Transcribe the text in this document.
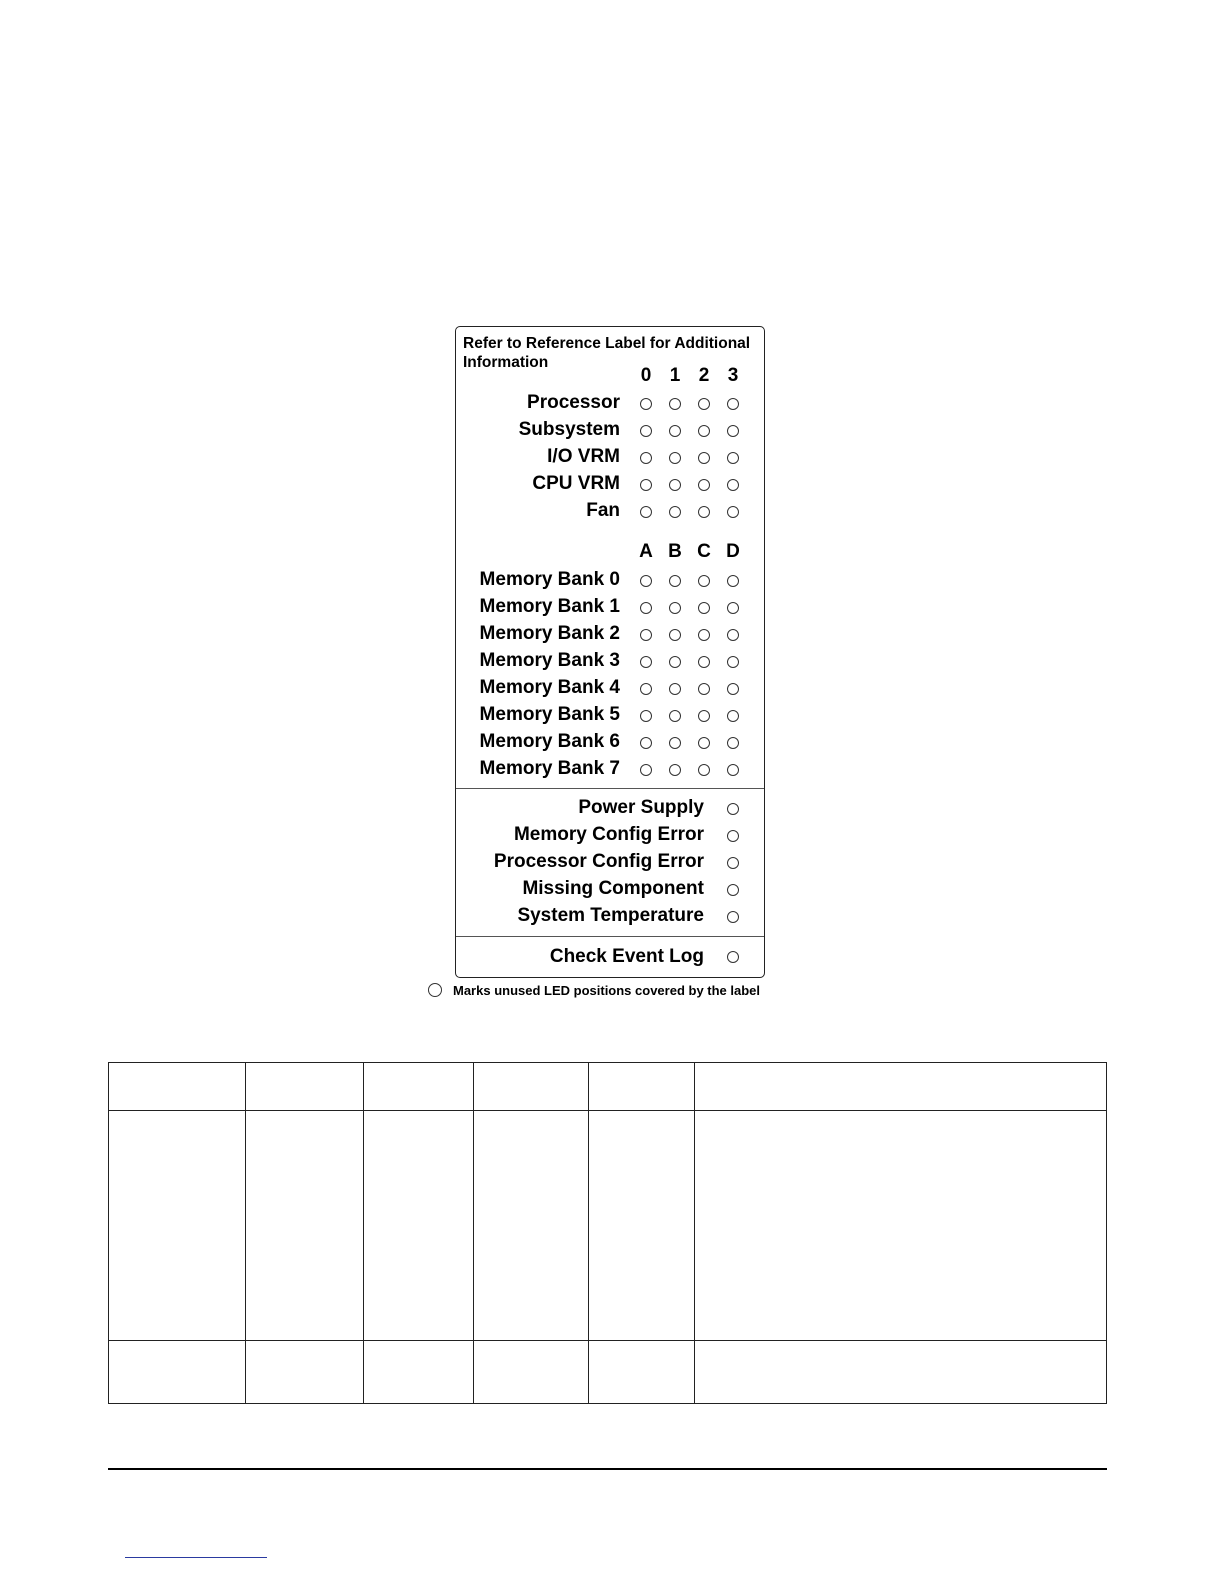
Refer to Reference Label for Additional Information
0 1 2 3
Processor
Subsystem
I/O VRM
CPU VRM
Fan
A B C D
Memory Bank 0
Memory Bank 1
Memory Bank 2
Memory Bank 3
Memory Bank 4
Memory Bank 5
Memory Bank 6
Memory Bank 7
Power Supply
Memory Config Error
Processor Config Error
Missing Component
System Temperature
Check Event Log
Marks unused LED positions covered by the label
